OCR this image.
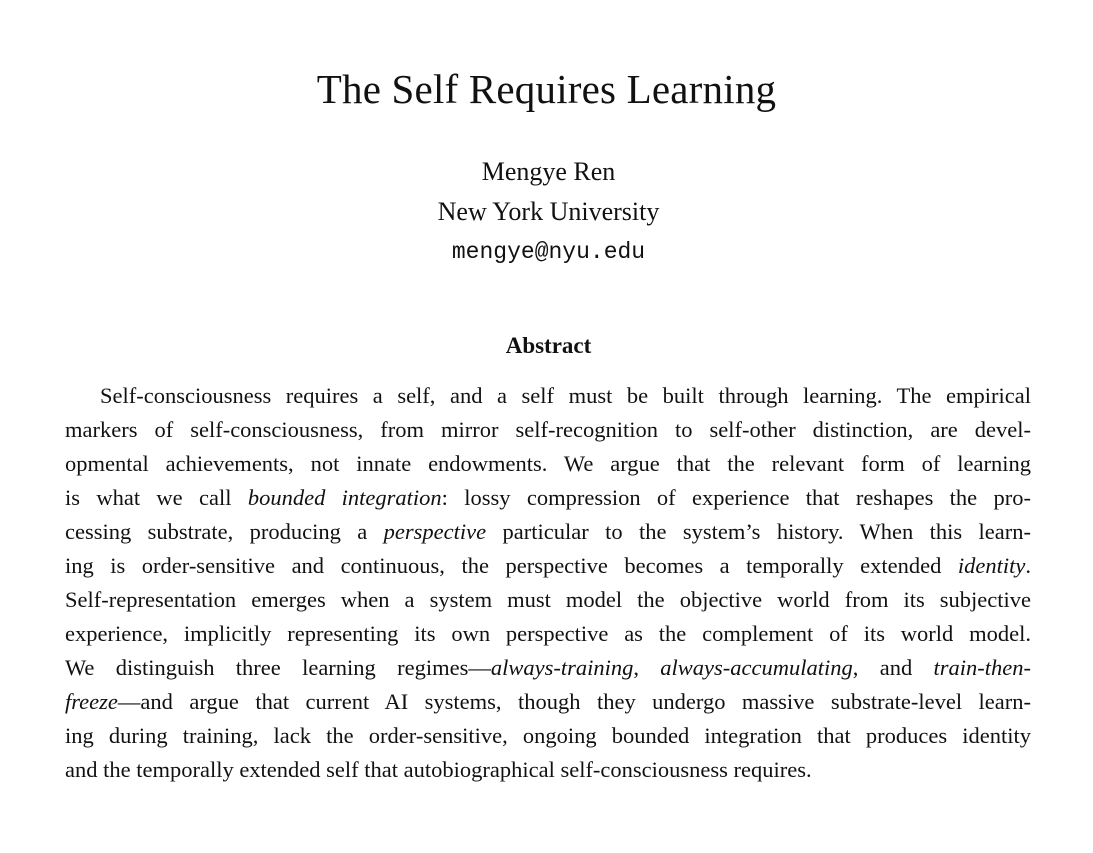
The Self Requires Learning
Mengye Ren
New York University
mengye@nyu.edu
Abstract
Self-consciousness requires a self, and a self must be built through learning. The empirical
markers of self-consciousness, from mirror self-recognition to self-other distinction, are devel-
opmental achievements, not innate endowments. We argue that the relevant form of learning
is what we call bounded integration: lossy compression of experience that reshapes the pro-
cessing substrate, producing a perspective particular to the system’s history. When this learn-
ing is order-sensitive and continuous, the perspective becomes a temporally extended identity.
Self-representation emerges when a system must model the objective world from its subjective
experience, implicitly representing its own perspective as the complement of its world model.
We distinguish three learning regimes—always-training, always-accumulating, and train-then-
freeze—and argue that current AI systems, though they undergo massive substrate-level learn-
ing during training, lack the order-sensitive, ongoing bounded integration that produces identity
and the temporally extended self that autobiographical self-consciousness requires.
